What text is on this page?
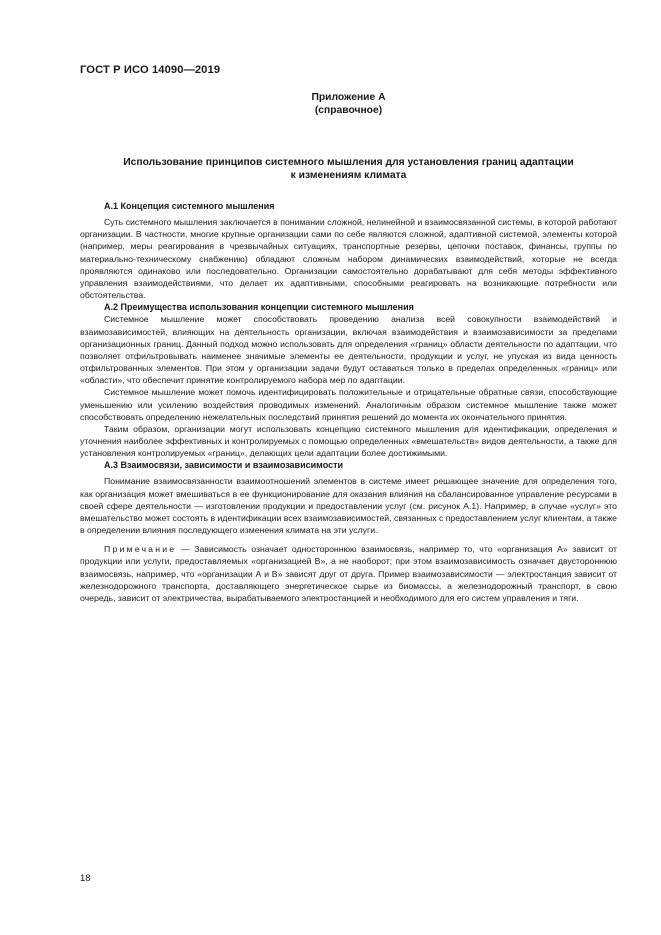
ГОСТ Р ИСО 14090—2019
Приложение А
(справочное)
Использование принципов системного мышления для установления границ адаптации
к изменениям климата

А.1 Концепция системного мышления

Суть системного мышления заключается в понимании сложной, нелинейной и взаимосвязанной системы, в которой работают организации. В частности, многие крупные организации сами по себе являются сложной, адаптивной системой, элементы которой (например, меры реагирования в чрезвычайных ситуациях, транспортные резервы, цепочки поставок, финансы, группы по материально-техническому снабжению) обладают сложным набором динамических взаимодействий, которые не всегда проявляются одинаково или последовательно. Организации самостоятельно дорабатывают для себя методы эффективного управления взаимодействиями, что делает их адаптивными, способными реагировать на возникающие потребности или обстоятельства.

А.2 Преимущества использования концепции системного мышления

Системное мышление может способствовать проведению анализа всей совокупности взаимодействий и взаимозависимостей, влияющих на деятельность организации, включая взаимодействия и взаимозависимости за пределами организационных границ. Данный подход можно использовать для определения «границ» области деятельности по адаптации, что позволяет отфильтровывать наименее значимые элементы ее деятельности, продукции и услуг, не упуская из вида ценность отфильтрованных элементов. При этом у организации задачи будут оставаться только в пределах определенных «границ» или «области», что обеспечит принятие контролируемого набора мер по адаптации.

Системное мышление может помочь идентифицировать положительные и отрицательные обратные связи, способствующие уменьшению или усилению воздействия проводимых изменений. Аналогичным образом системное мышление также может способствовать определению нежелательных последствий принятия решений до момента их окончательного принятия.

Таким образом, организации могут использовать концепцию системного мышления для идентификации, определения и уточнения наиболее эффективных и контролируемых с помощью определенных «вмешательств» видов деятельности, а также для установления контролируемых «границ», делающих цели адаптации более достижимыми.

А.3 Взаимосвязи, зависимости и взаимозависимости

Понимание взаимосвязанности взаимоотношений элементов в системе имеет решающее значение для определения того, как организация может вмешиваться в ее функционирование для оказания влияния на сбалансированное управление ресурсами в своей сфере деятельности — изготовлении продукции и предоставлении услуг (см. рисунок А.1). Например, в случае «услуг» это вмешательство может состоять в идентификации всех взаимозависимостей, связанных с предоставлением услуг клиентам, а также в определении влияния последующего изменения климата на эти услуги.

Примечание — Зависимость означает одностороннюю взаимосвязь, например то, что «организация А» зависит от продукции или услуги, предоставляемых «организацией В», а не наоборот; при этом взаимозависимость означает двустороннюю взаимосвязь, например, что «организации А и В» зависят друг от друга. Пример взаимозависимости — электростанция зависит от железнодорожного транспорта, доставляющего энергетическое сырье из биомассы, а железнодорожный транспорт, в свою очередь, зависит от электричества, вырабатываемого электростанцией и необходимого для его систем управления и тяги.

18
